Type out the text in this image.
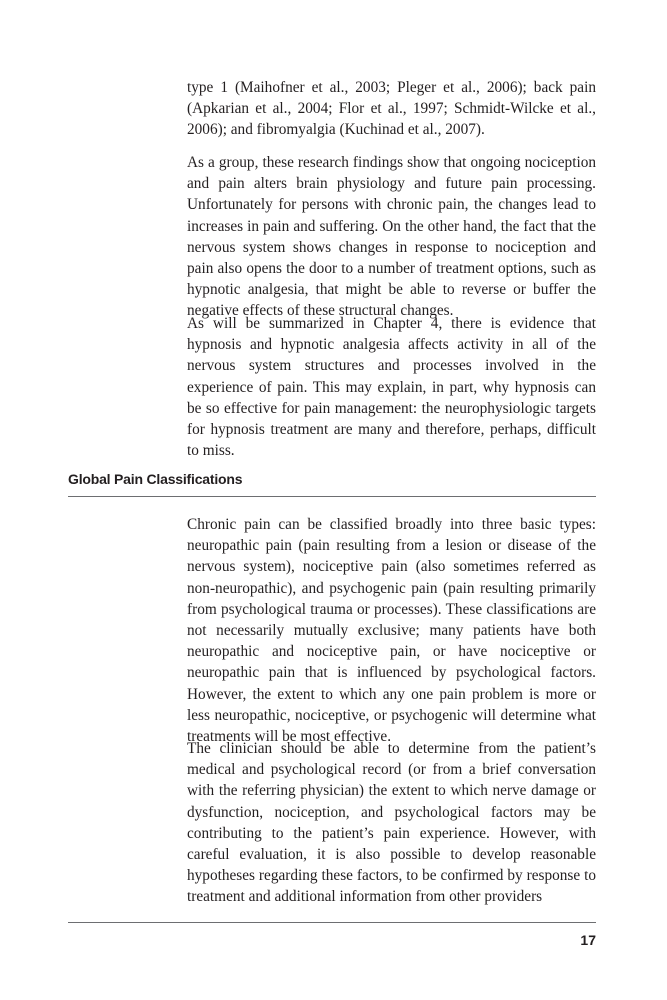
type 1 (Maihofner et al., 2003; Pleger et al., 2006); back pain (Apkarian et al., 2004; Flor et al., 1997; Schmidt-Wilcke et al., 2006); and fibromyalgia (Kuchinad et al., 2007).

As a group, these research findings show that ongoing nociception and pain alters brain physiology and future pain processing. Unfortunately for persons with chronic pain, the changes lead to increases in pain and suffering. On the other hand, the fact that the nervous system shows changes in response to nociception and pain also opens the door to a number of treatment options, such as hypnotic analgesia, that might be able to reverse or buffer the negative effects of these structural changes.

As will be summarized in Chapter 4, there is evidence that hypnosis and hypnotic analgesia affects activity in all of the nervous system structures and processes involved in the experience of pain. This may explain, in part, why hypnosis can be so effective for pain management: the neurophysiologic targets for hypnosis treatment are many and therefore, perhaps, difficult to miss.

Global Pain Classifications

Chronic pain can be classified broadly into three basic types: neuropathic pain (pain resulting from a lesion or disease of the nervous system), nociceptive pain (also sometimes referred as non-neuropathic), and psychogenic pain (pain resulting primarily from psychological trauma or processes). These classifications are not necessarily mutually exclusive; many patients have both neuropathic and nociceptive pain, or have nociceptive or neuropathic pain that is influenced by psychological factors. However, the extent to which any one pain problem is more or less neuropathic, nociceptive, or psychogenic will determine what treatments will be most effective.

The clinician should be able to determine from the patient’s medical and psychological record (or from a brief conversation with the referring physician) the extent to which nerve damage or dysfunction, nociception, and psychological factors may be contributing to the patient’s pain experience. However, with careful evaluation, it is also possible to develop reasonable hypotheses regarding these factors, to be confirmed by response to treatment and additional information from other providers

17
